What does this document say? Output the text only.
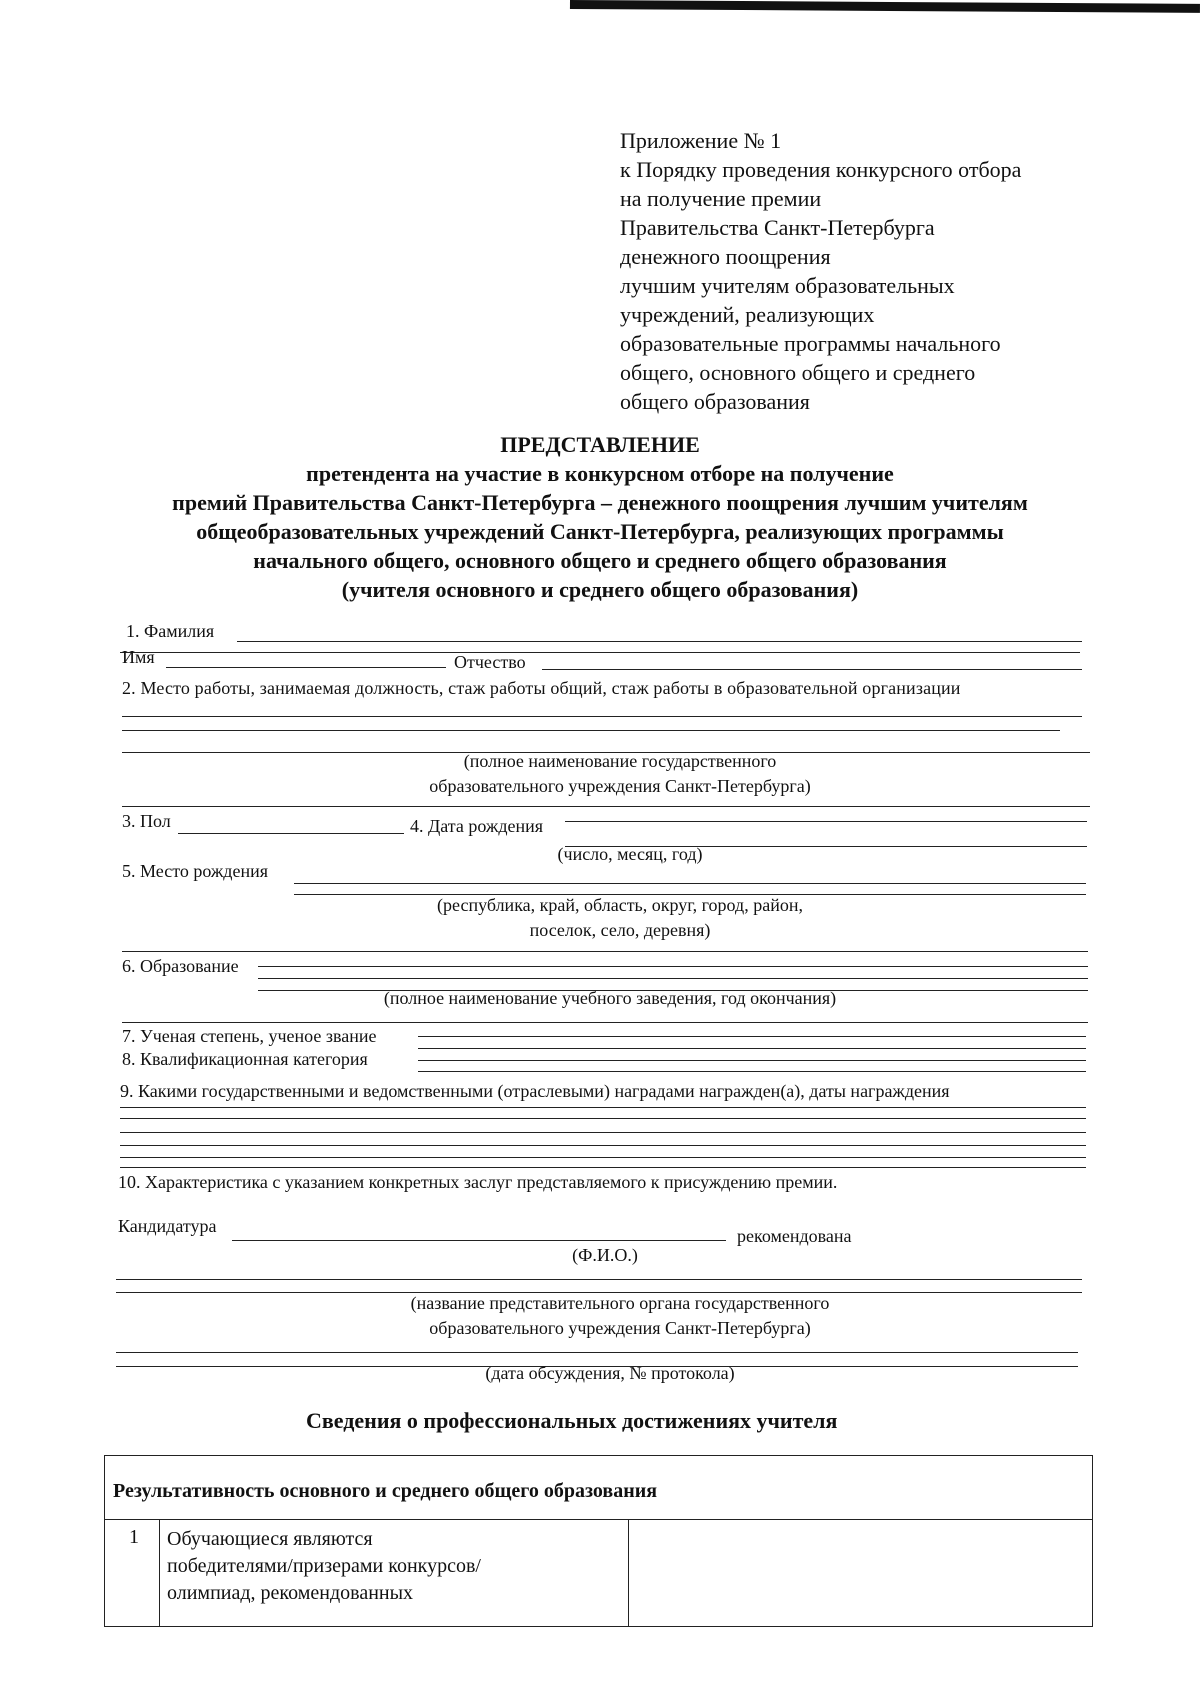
Приложение № 1
к Порядку проведения конкурсного отбора
на получение премии
Правительства Санкт-Петербурга
денежного поощрения
лучшим учителям образовательных
учреждений, реализующих
образовательные программы начального
общего, основного общего и среднего
общего образования
ПРЕДСТАВЛЕНИЕ
претендента на участие в конкурсном отборе на получение
премий Правительства Санкт-Петербурга – денежного поощрения лучшим учителям
общеобразовательных учреждений Санкт-Петербурга, реализующих программы
начального общего, основного общего и среднего общего образования
(учителя основного и среднего общего образования)
1. Фамилия
Имя	Отчество
2. Место работы, занимаемая должность, стаж работы общий, стаж работы в образовательной организации
(полное наименование государственного
образовательного учреждения Санкт-Петербурга)
3. Пол	4. Дата рождения
(число, месяц, год)
5. Место рождения
(республика, край, область, округ, город, район,
поселок, село, деревня)
6. Образование
(полное наименование учебного заведения, год окончания)
7. Ученая степень, ученое звание
8. Квалификационная категория
9. Какими государственными и ведомственными (отраслевыми) наградами награжден(а), даты награждения
10. Характеристика с указанием конкретных заслуг представляемого к присуждению премии.
Кандидатура	рекомендована
(Ф.И.О.)
(название представительного органа государственного
образовательного учреждения Санкт-Петербурга)
(дата обсуждения, № протокола)
Сведения о профессиональных достижениях учителя
Результативность основного и среднего общего образования
1 Обучающиеся являются
победителями/призерами конкурсов/
олимпиад, рекомендованных
